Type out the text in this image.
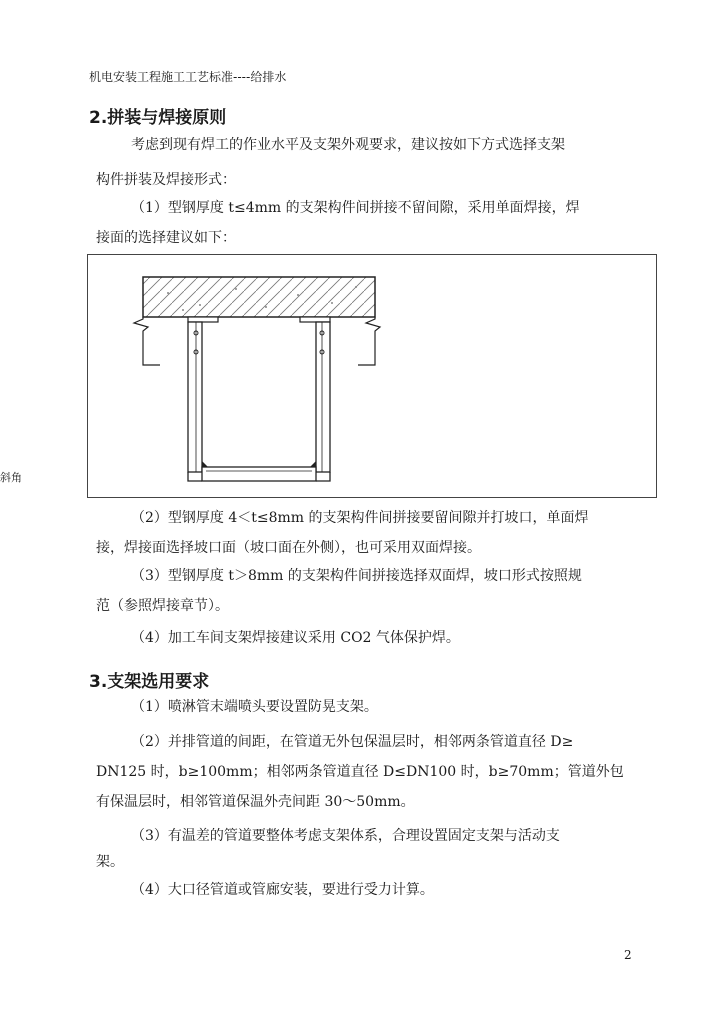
机电安装工程施工工艺标准----给排水
2.拼装与焊接原则
考虑到现有焊工的作业水平及支架外观要求，建议按如下方式选择支架
构件拼装及焊接形式：
（1）型钢厚度 t≤4mm 的支架构件间拼接不留间隙，采用单面焊接，焊
接面的选择建议如下：
斜角
（2）型钢厚度 4＜t≤8mm 的支架构件间拼接要留间隙并打坡口，单面焊
接，焊接面选择坡口面（坡口面在外侧），也可采用双面焊接。
（3）型钢厚度 t＞8mm 的支架构件间拼接选择双面焊，坡口形式按照规
范（参照焊接章节）。
（4）加工车间支架焊接建议采用 CO2 气体保护焊。
3.支架选用要求
（1）喷淋管末端喷头要设置防晃支架。
（2）并排管道的间距，在管道无外包保温层时，相邻两条管道直径 D≥
DN125 时，b≥100mm；相邻两条管道直径 D≤DN100 时，b≥70mm；管道外包
有保温层时，相邻管道保温外壳间距 30～50mm。
（3）有温差的管道要整体考虑支架体系，合理设置固定支架与活动支
架。
（4）大口径管道或管廊安装，要进行受力计算。
2
